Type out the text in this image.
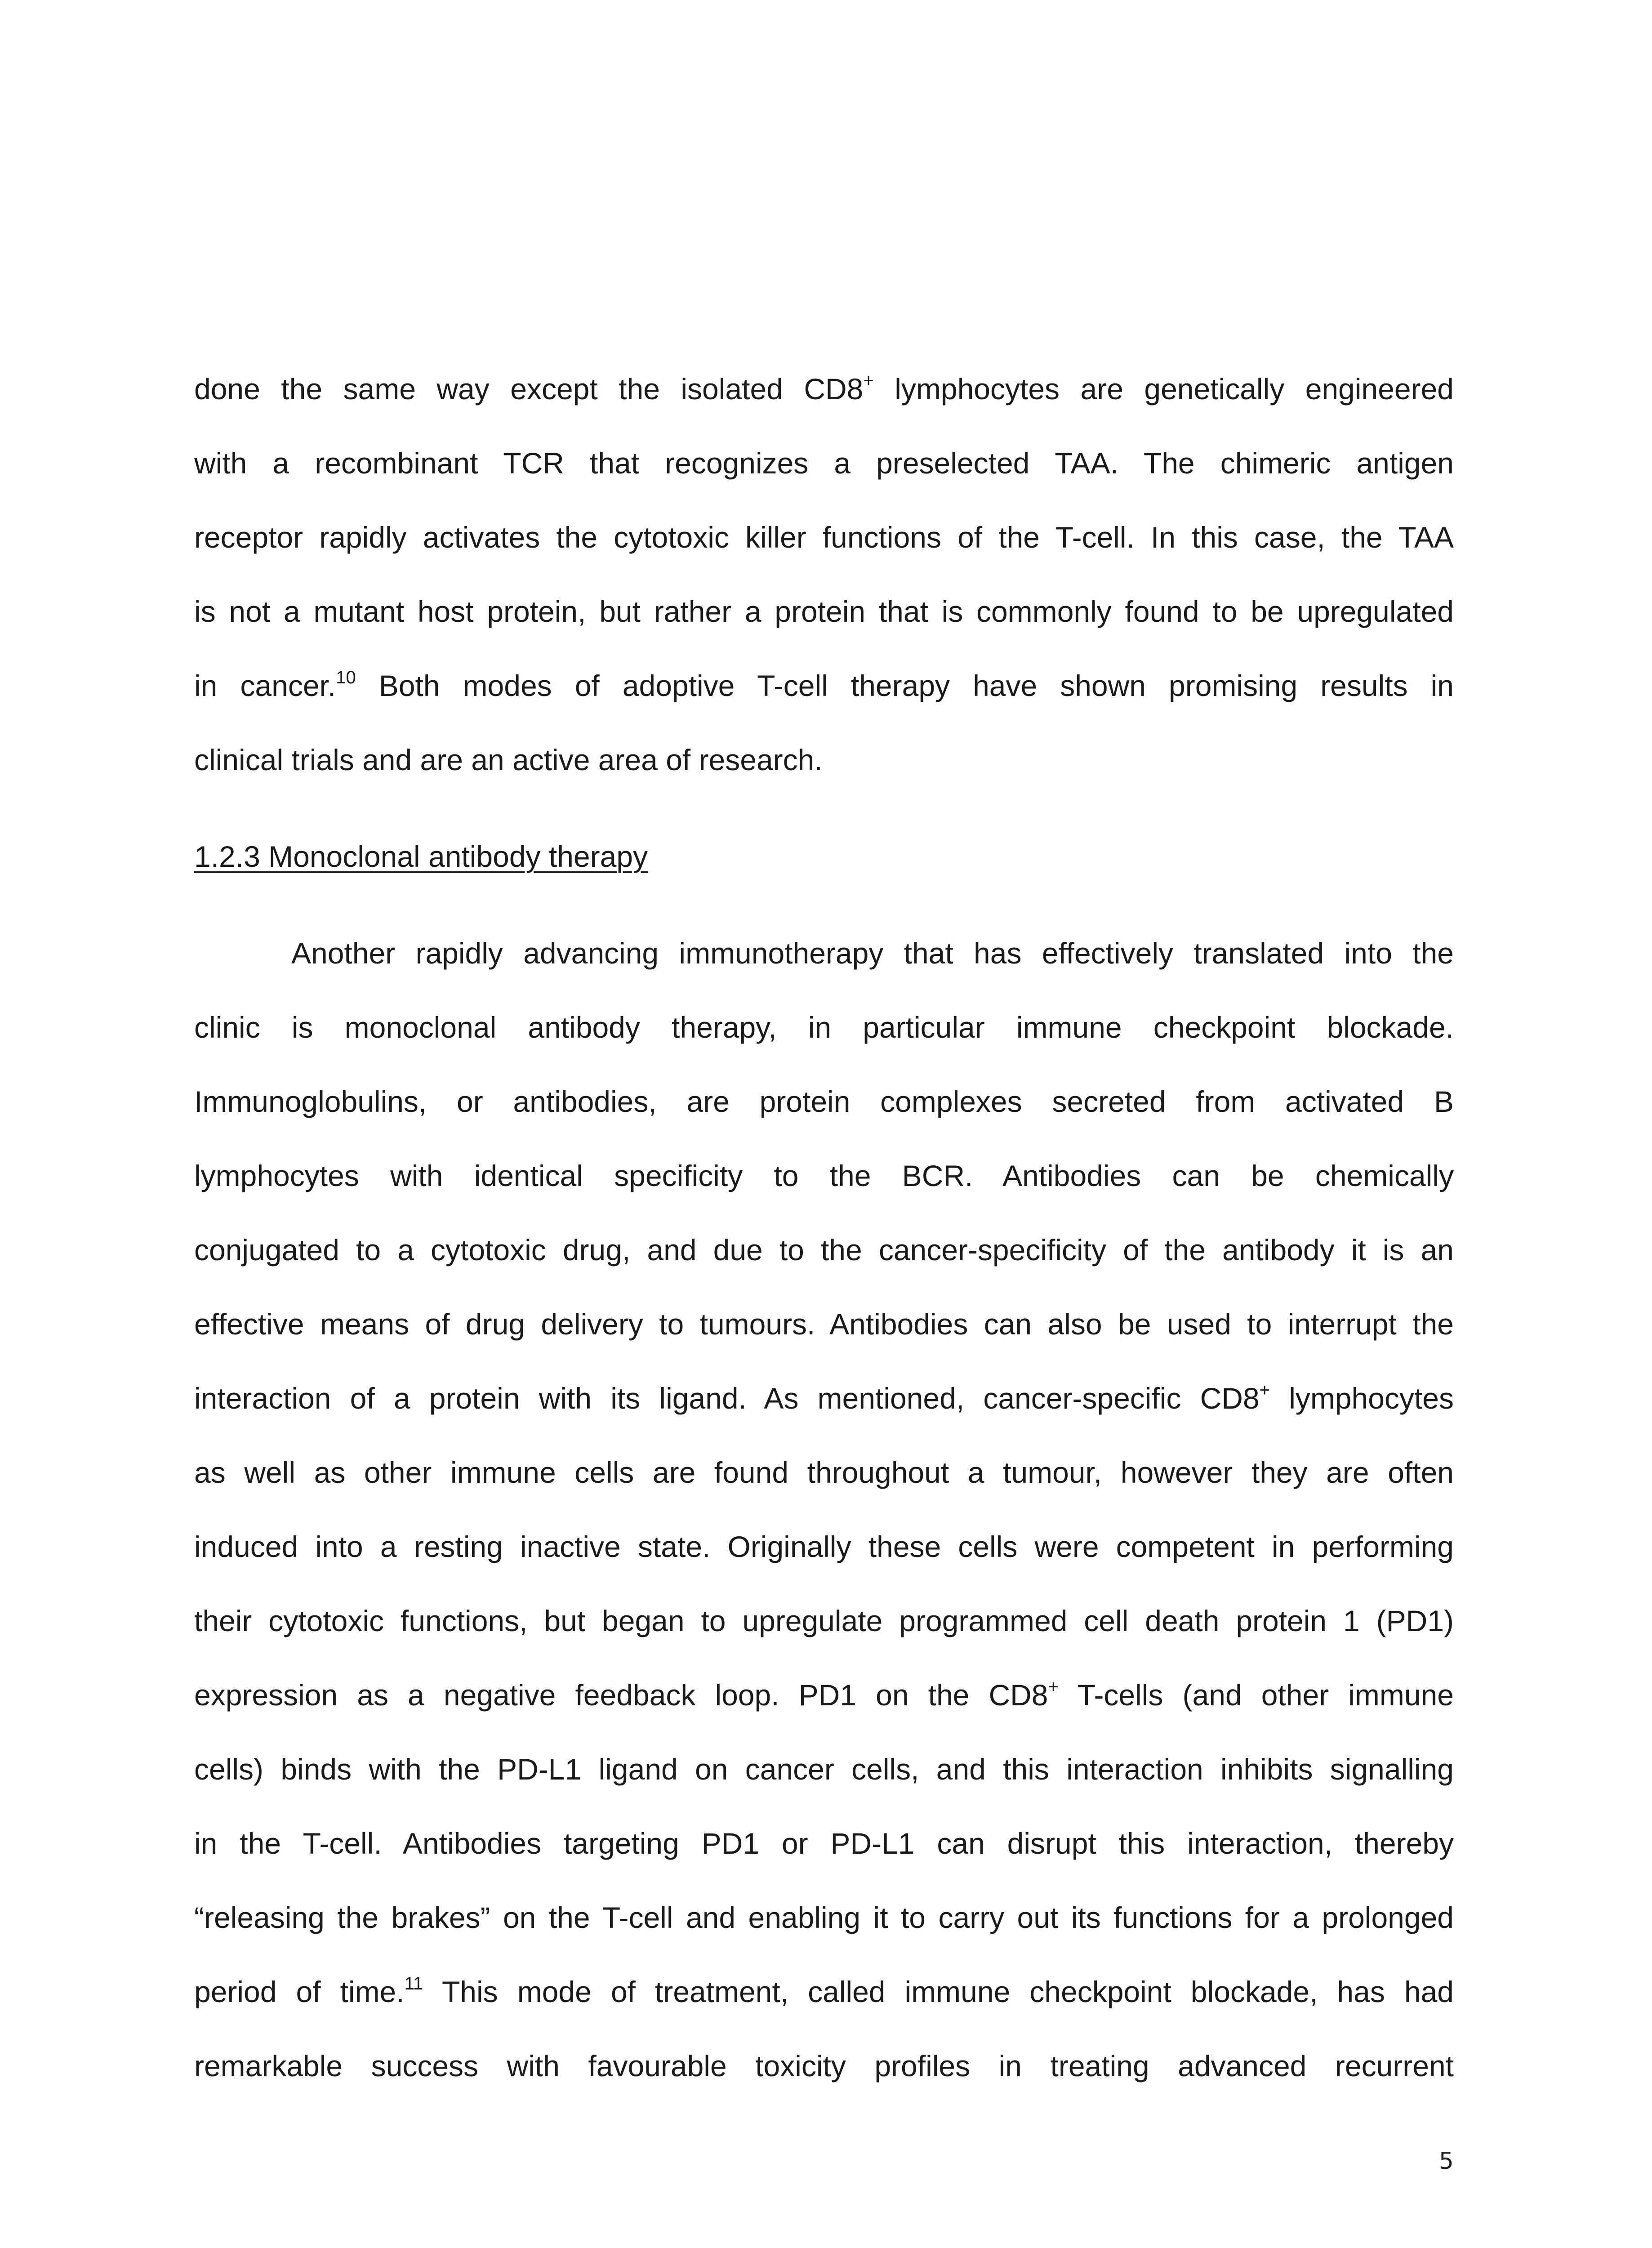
done the same way except the isolated CD8+ lymphocytes are genetically engineered
with a recombinant TCR that recognizes a preselected TAA. The chimeric antigen
receptor rapidly activates the cytotoxic killer functions of the T-cell. In this case, the TAA
is not a mutant host protein, but rather a protein that is commonly found to be upregulated
in cancer.$^{10}$ Both modes of adoptive T-cell therapy have shown promising results in
clinical trials and are an active area of research.
1.2.3 Monoclonal antibody therapy
Another rapidly advancing immunotherapy that has effectively translated into the
clinic is monoclonal antibody therapy, in particular immune checkpoint blockade.
Immunoglobulins, or antibodies, are protein complexes secreted from activated B
lymphocytes with identical specificity to the BCR. Antibodies can be chemically
conjugated to a cytotoxic drug, and due to the cancer-specificity of the antibody it is an
effective means of drug delivery to tumours. Antibodies can also be used to interrupt the
interaction of a protein with its ligand. As mentioned, cancer-specific CD8+ lymphocytes
as well as other immune cells are found throughout a tumour, however they are often
induced into a resting inactive state. Originally these cells were competent in performing
their cytotoxic functions, but began to upregulate programmed cell death protein 1 (PD1)
expression as a negative feedback loop. PD1 on the CD8+ T-cells (and other immune
cells) binds with the PD-L1 ligand on cancer cells, and this interaction inhibits signalling
in the T-cell. Antibodies targeting PD1 or PD-L1 can disrupt this interaction, thereby
“releasing the brakes” on the T-cell and enabling it to carry out its functions for a prolonged
period of time.$^{11}$ This mode of treatment, called immune checkpoint blockade, has had
remarkable success with favourable toxicity profiles in treating advanced recurrent
5
